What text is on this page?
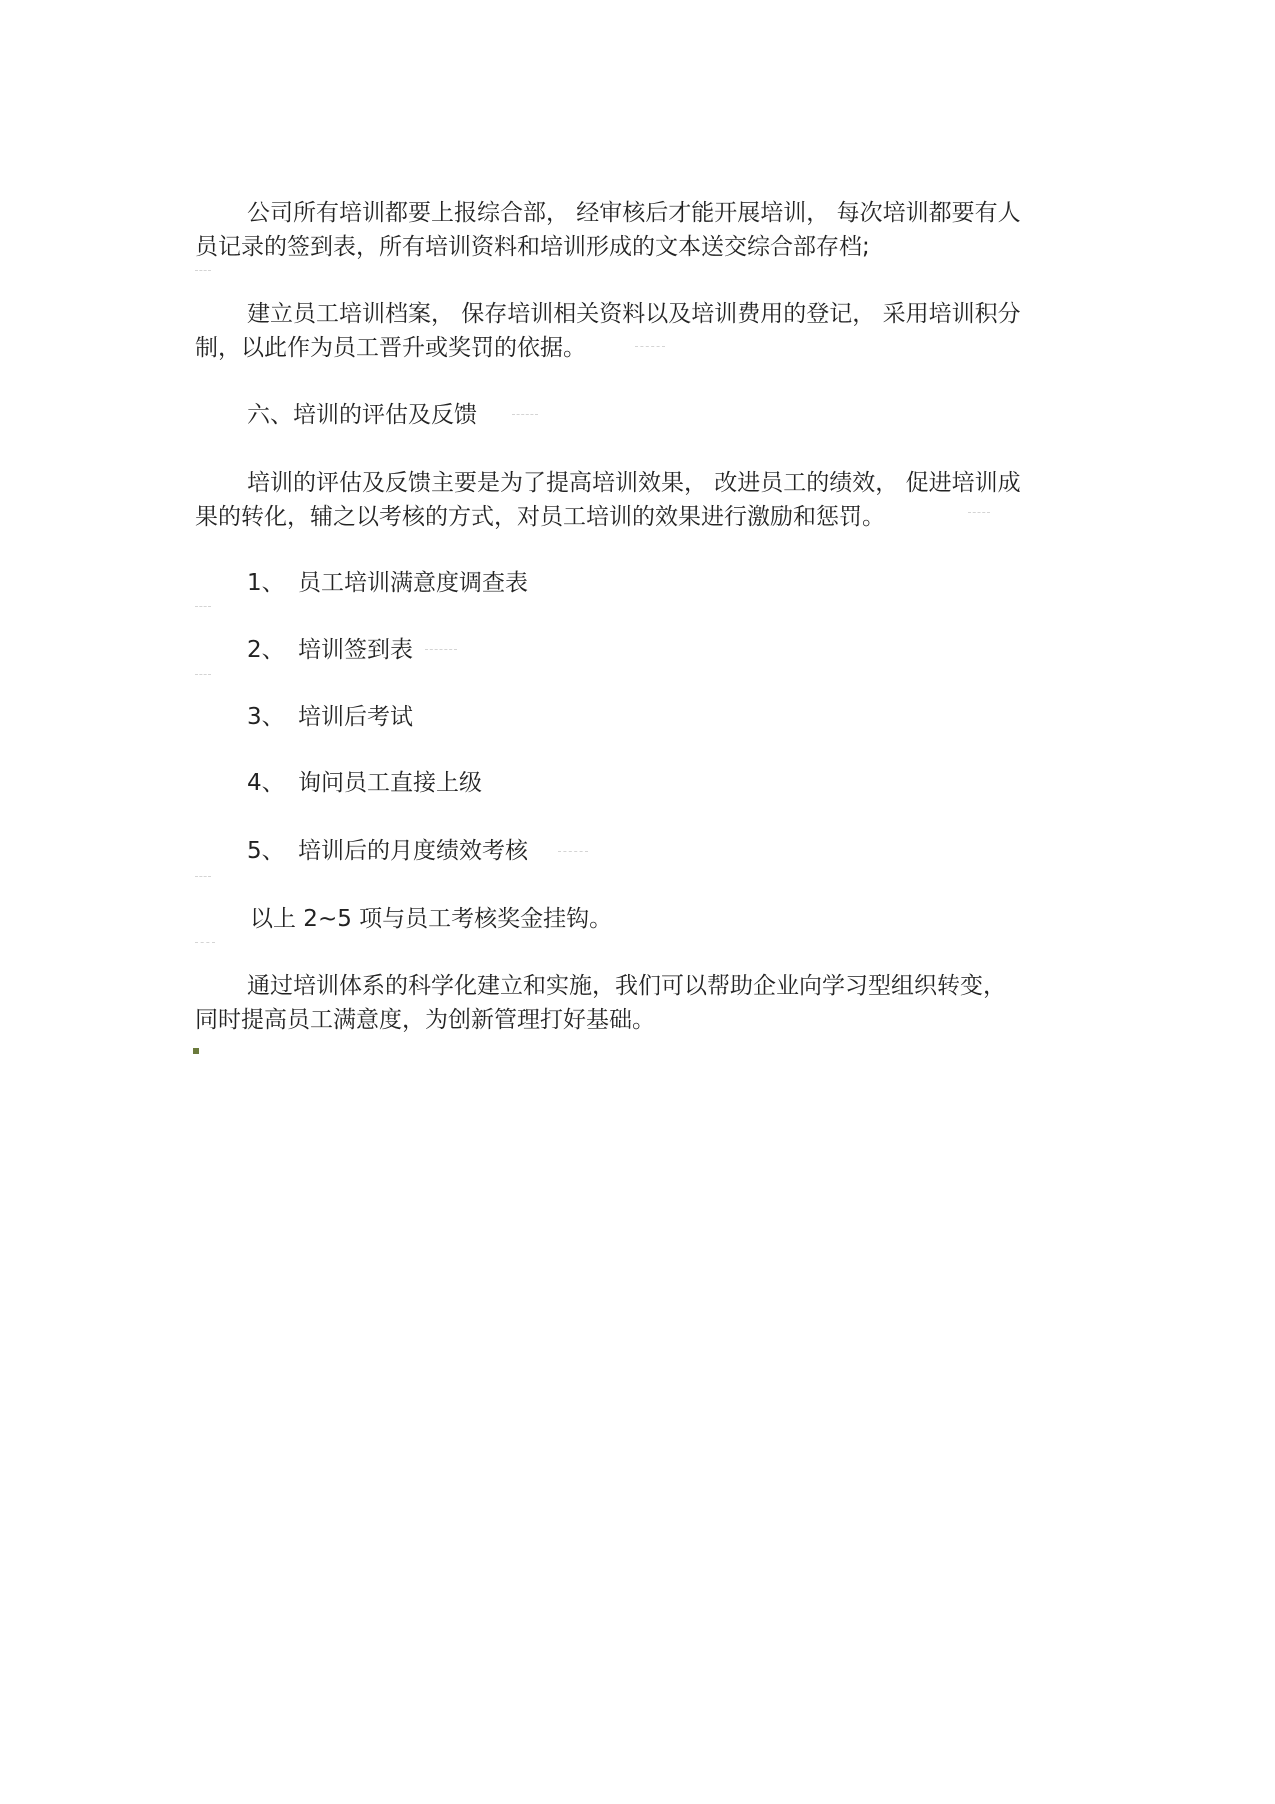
公司所有培训都要上报综合部， 经审核后才能开展培训， 每次培训都要有人
员记录的签到表，所有培训资料和培训形成的文本送交综合部存档;

建立员工培训档案， 保存培训相关资料以及培训费用的登记， 采用培训积分
制，以此作为员工晋升或奖罚的依据。

六、培训的评估及反馈

培训的评估及反馈主要是为了提高培训效果， 改进员工的绩效， 促进培训成
果的转化，辅之以考核的方式，对员工培训的效果进行激励和惩罚。

1、 员工培训满意度调查表
2、 培训签到表
3、 培训后考试
4、 询问员工直接上级
5、 培训后的月度绩效考核

以上 2~5 项与员工考核奖金挂钩。

通过培训体系的科学化建立和实施，我们可以帮助企业向学习型组织转变，
同时提高员工满意度，为创新管理打好基础。
